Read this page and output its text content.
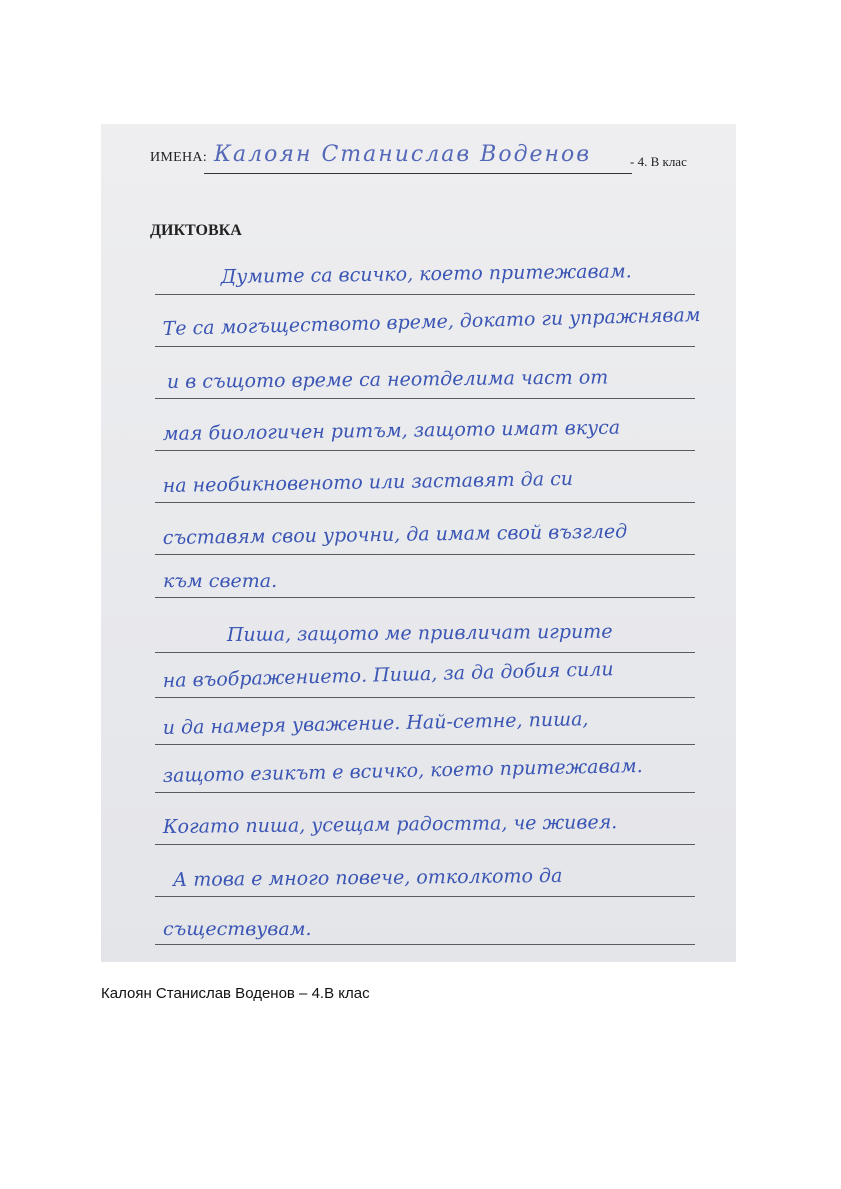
ИМЕНА: Калоян Станислав Воденов	- 4. В клас
ДИКТОВКА
Думите са всичко, което притежавам.
Те са могъществото време, докато ги упражнявам
и в същото време са неотделима част от
мая биологичен ритъм, защото имат вкуса
на необикновеното или заставят да си
съставям свои урочни, да имам свой възглед
към света.
Пиша, защото ме привличат игрите
на въображението. Пиша, за да добия сили
и да намеря уважение. Най-сетне, пиша,
защото езикът е всичко, което притежавам.
Когато пиша, усещам радостта, че живея.
А това е много повече, отколкото да
съществувам.
Калоян Станислав Воденов – 4.В клас
